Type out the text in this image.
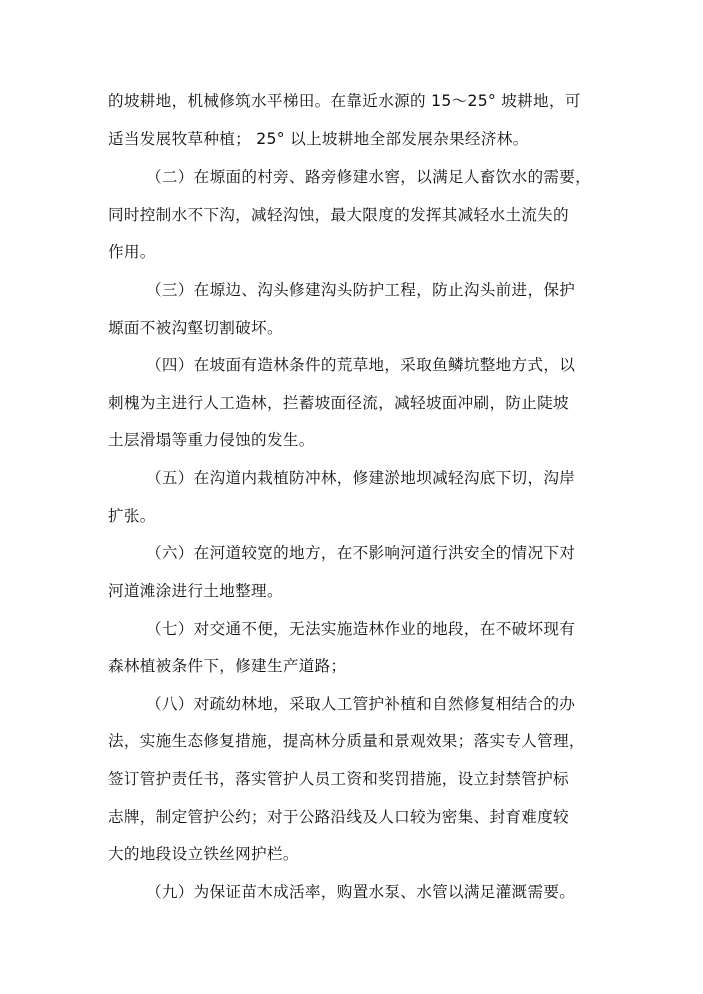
的坡耕地，机械修筑水平梯田。在靠近水源的 15～25° 坡耕地，可
适当发展牧草种植； 25° 以上坡耕地全部发展杂果经济林。
（二）在塬面的村旁、路旁修建水窖，以满足人畜饮水的需要，
同时控制水不下沟，减轻沟蚀，最大限度的发挥其减轻水土流失的
作用。
（三）在塬边、沟头修建沟头防护工程，防止沟头前进，保护
塬面不被沟壑切割破坏。
（四）在坡面有造林条件的荒草地，采取鱼鳞坑整地方式，以
刺槐为主进行人工造林，拦蓄坡面径流，减轻坡面冲刷，防止陡坡
土层滑塌等重力侵蚀的发生。
（五）在沟道内栽植防冲林，修建淤地坝减轻沟底下切，沟岸
扩张。
（六）在河道较宽的地方，在不影响河道行洪安全的情况下对
河道滩涂进行土地整理。
（七）对交通不便，无法实施造林作业的地段，在不破坏现有
森林植被条件下，修建生产道路；
（八）对疏幼林地，采取人工管护补植和自然修复相结合的办
法，实施生态修复措施，提高林分质量和景观效果；落实专人管理，
签订管护责任书，落实管护人员工资和奖罚措施，设立封禁管护标
志牌，制定管护公约；对于公路沿线及人口较为密集、封育难度较
大的地段设立铁丝网护栏。
（九）为保证苗木成活率，购置水泵、水管以满足灌溉需要。
